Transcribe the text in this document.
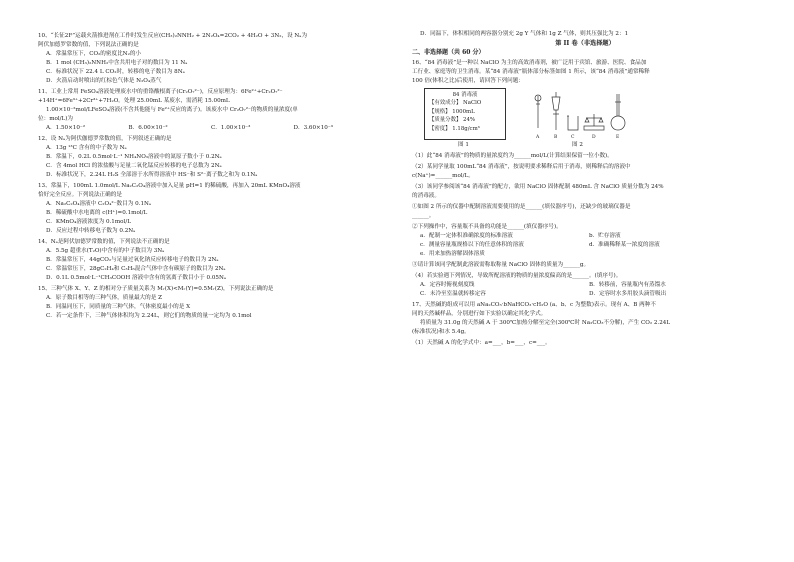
10、“长征2F”运载火箭推进剂在工作时发生反应(CH₃)₂NNH₂ + 2N₂O₄=2CO₂ + 4H₂O + 3N₂，设 Nₐ为
阿伏加德罗常数的值，下列说法正确的是
A．常温常压下，CO₂的密度比N₂的小
B．1 mol (CH₃)₂NNH₂中含共用电子对的数目为 11 Nₐ
C．标准状况下 22.4 L CO₂时，转移的电子数目为 8Nₐ
D．火箭启动时喷出的红棕色气体是 N₂O₄蒸气
11、工业上常用 FeSO₄溶液处理废水中的重铬酸根离子(Cr₂O₇²⁻)，反应原理为：6Fe²⁺+Cr₂O₇²⁻
+14H⁺=6Fe³⁺+2Cr³⁺+7H₂O。处理 25.00mL 某废水，需消耗 15.00mL
1.00×10⁻²mol/LFeSO₄溶液(不含其他能与 Fe²⁺反应的离子)。该废水中 Cr₂O₇²⁻的物质的量浓度(单
位：mol/L)为
A．1.50×10⁻²	B．6.00×10⁻²	C．1.00×10⁻³	D．3.60×10⁻³
12、设 Nₐ为阿伏伽德罗常数的值，下列叙述正确的是
A．13g ¹³C 含有的中子数为 Nₐ
B．常温下，0.2L 0.5mol·L⁻¹ NH₄NO₃溶液中的氮原子数小于 0.2Nₐ
C．含 4mol HCl 的浓盐酸与足量二氧化锰反应转移的电子总数为 2Nₐ
D．标准状况下，2.24L H₂S 全部溶于水所得溶液中 HS⁻和 S²⁻离子数之和为 0.1Nₐ
13、常温下，100mL 1.0mol/L Na₂C₂O₄溶液中加入足量 pH=1 的稀硫酸，再加入 20mL KMnO₄溶液
恰好完全反应。下列说法正确的是
A．Na₂C₂O₄溶液中 C₂O₄²⁻数目为 0.1Nₐ
B．稀硫酸中水电离的 c(H⁺)=0.1mol/L
C．KMnO₄溶液浓度为 0.1mol/L
D．反应过程中转移电子数为 0.2Nₐ
14、Nₐ是阿伏加德罗常数的值，下列说法不正确的是
A．5.5g 超重水(T₂O)中含有的中子数目为 3Nₐ
B．常温常压下，44gCO₂与足量过氧化钠反应转移电子的数目为 2Nₐ
C．常温常压下，28gC₂H₄和 C₃H₆混合气体中含有碳原子的数目为 2Nₐ
D．0.1L 0.5mol·L⁻¹CH₃COOH 溶液中含有的氢离子数目小于 0.05Nₐ
15、三种气体 X、Y、Z 的相对分子质量关系为 Mᵣ(X)<Mᵣ(Y)=0.5Mᵣ(Z)，下列说法正确的是
A．原子数目相等的三种气体，质量最大的是 Z
B．同温同压下，同质量的三种气体，气体密度最小的是 X
C．若一定条件下，三种气体体积均为 2.24L，则它们的物质的量一定均为 0.1mol
D．同温下，体积相同的两容器分别充 2g Y 气体和 1g Z 气体，则其压强比为 2：1
第 II 卷（非选择题）
二、非选择题（共 60 分）
16、“84 消毒液”是一种以 NaClO 为主的高效消毒剂，被广泛用于宾馆、旅游、医院、食品加
工行业、家庭等的卫生消毒。某“84 消毒液”瓶体部分标签如图 1 所示，该“84 消毒液”通常稀释
100 倍(体积之比)后使用，请回答下列问题：
84 消毒液
【有效成分】 NaClO
【规格】 1000mL
【质量分数】 24%
【密度】 1.18g/cm³
A	B	C	D	E
图 1	图 2
（1）此“84 消毒液”的物质的量浓度约为______mol/L(计算结果保留一位小数)。
（2）某同学量取 100mL“84 消毒液”，按说明要求稀释后用于消毒，则稀释后的溶液中
c(Na⁺)=______mol/L。
（3）该同学参阅该“84 消毒液”的配方，欲用 NaClO 固体配制 480mL 含 NaClO 质量分数为 24%
的消毒液。
①如图 2 所示的仪器中配制溶液需要使用的是______(填仪器序号)，还缺少的玻璃仪器是
______。
②下列操作中，容量瓶不具备的功能是______(填仪器序号)。
a．配制一定体积准确浓度的标准溶液	b．贮存溶液
c．测量容量瓶规格以下的任意体积的溶液	d．准确稀释某一浓度的溶液
e．用来加热溶解固体溶质
③请计算该同学配制此溶液需称取称量 NaClO 固体的质量为______g。
（4）若实验遇下列情况，导致所配溶液的物质的量浓度偏高的是______。(填序号)。
A．定容时俯视刻度线	B．转移前，容量瓶内有蒸馏水
C．未冷至室温就转移定容	D．定容时水多用胶头滴管吸出
17、天然碱的组成可以用 aNa₂CO₃·bNaHCO₃·cH₂O (a、b、c 为整数)表示。现有 A、B 两种不
同的天然碱样品，分别进行如下实验以确定其化学式。
将质量为 31.0g 的天然碱 A 于 300℃加热分解至完全(300℃时 Na₂CO₃不分解)，产生 CO₂ 2.24L
(标准状况)和水 5.4g。
（1）天然碱 A 的化学式中：a=___，b=___，c=___。
